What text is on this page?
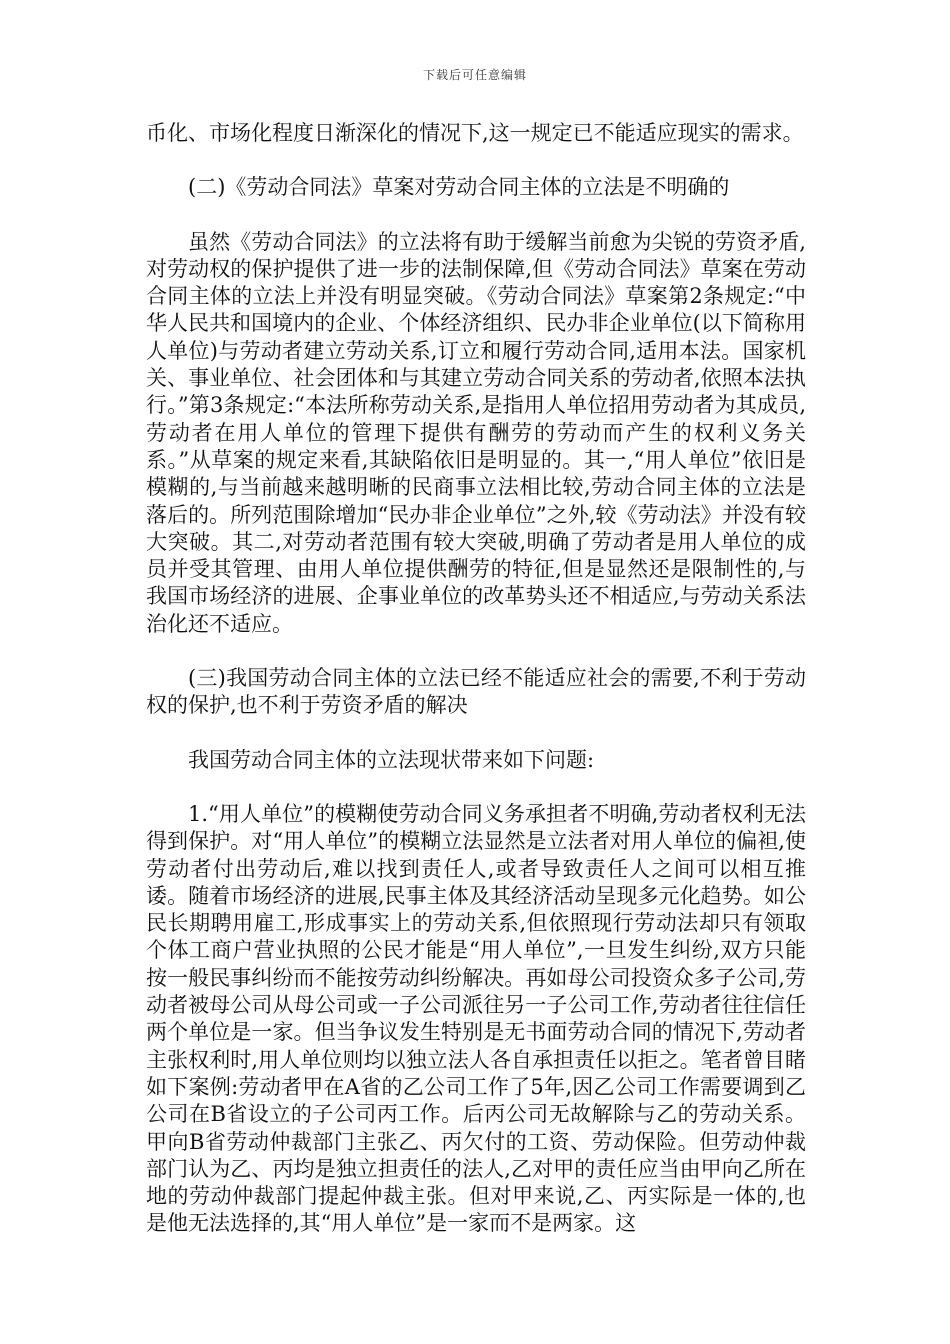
下载后可任意编辑

币化、市场化程度日渐深化的情况下,这一规定已不能适应现实的需求。

(二)《劳动合同法》草案对劳动合同主体的立法是不明确的

虽然《劳动合同法》的立法将有助于缓解当前愈为尖锐的劳资矛盾,对劳动权的保护提供了进一步的法制保障,但《劳动合同法》草案在劳动合同主体的立法上并没有明显突破。《劳动合同法》草案第2条规定:“中华人民共和国境内的企业、个体经济组织、民办非企业单位(以下简称用人单位)与劳动者建立劳动关系,订立和履行劳动合同,适用本法。国家机关、事业单位、社会团体和与其建立劳动合同关系的劳动者,依照本法执行。”第3条规定:“本法所称劳动关系,是指用人单位招用劳动者为其成员,劳动者在用人单位的管理下提供有酬劳的劳动而产生的权利义务关系。”从草案的规定来看,其缺陷依旧是明显的。其一,“用人单位”依旧是模糊的,与当前越来越明晰的民商事立法相比较,劳动合同主体的立法是落后的。所列范围除增加“民办非企业单位”之外,较《劳动法》并没有较大突破。其二,对劳动者范围有较大突破,明确了劳动者是用人单位的成员并受其管理、由用人单位提供酬劳的特征,但是显然还是限制性的,与我国市场经济的进展、企事业单位的改革势头还不相适应,与劳动关系法治化还不适应。

(三)我国劳动合同主体的立法已经不能适应社会的需要,不利于劳动权的保护,也不利于劳资矛盾的解决

我国劳动合同主体的立法现状带来如下问题:

1.“用人单位”的模糊使劳动合同义务承担者不明确,劳动者权利无法得到保护。对“用人单位”的模糊立法显然是立法者对用人单位的偏袒,使劳动者付出劳动后,难以找到责任人,或者导致责任人之间可以相互推诿。随着市场经济的进展,民事主体及其经济活动呈现多元化趋势。如公民长期聘用雇工,形成事实上的劳动关系,但依照现行劳动法却只有领取个体工商户营业执照的公民才能是“用人单位”,一旦发生纠纷,双方只能按一般民事纠纷而不能按劳动纠纷解决。再如母公司投资众多子公司,劳动者被母公司从母公司或一子公司派往另一子公司工作,劳动者往往信任两个单位是一家。但当争议发生特别是无书面劳动合同的情况下,劳动者主张权利时,用人单位则均以独立法人各自承担责任以拒之。笔者曾目睹如下案例:劳动者甲在A省的乙公司工作了5年,因乙公司工作需要调到乙公司在B省设立的子公司丙工作。后丙公司无故解除与乙的劳动关系。甲向B省劳动仲裁部门主张乙、丙欠付的工资、劳动保险。但劳动仲裁部门认为乙、丙均是独立担责任的法人,乙对甲的责任应当由甲向乙所在地的劳动仲裁部门提起仲裁主张。但对甲来说,乙、丙实际是一体的,也是他无法选择的,其“用人单位”是一家而不是两家。这
